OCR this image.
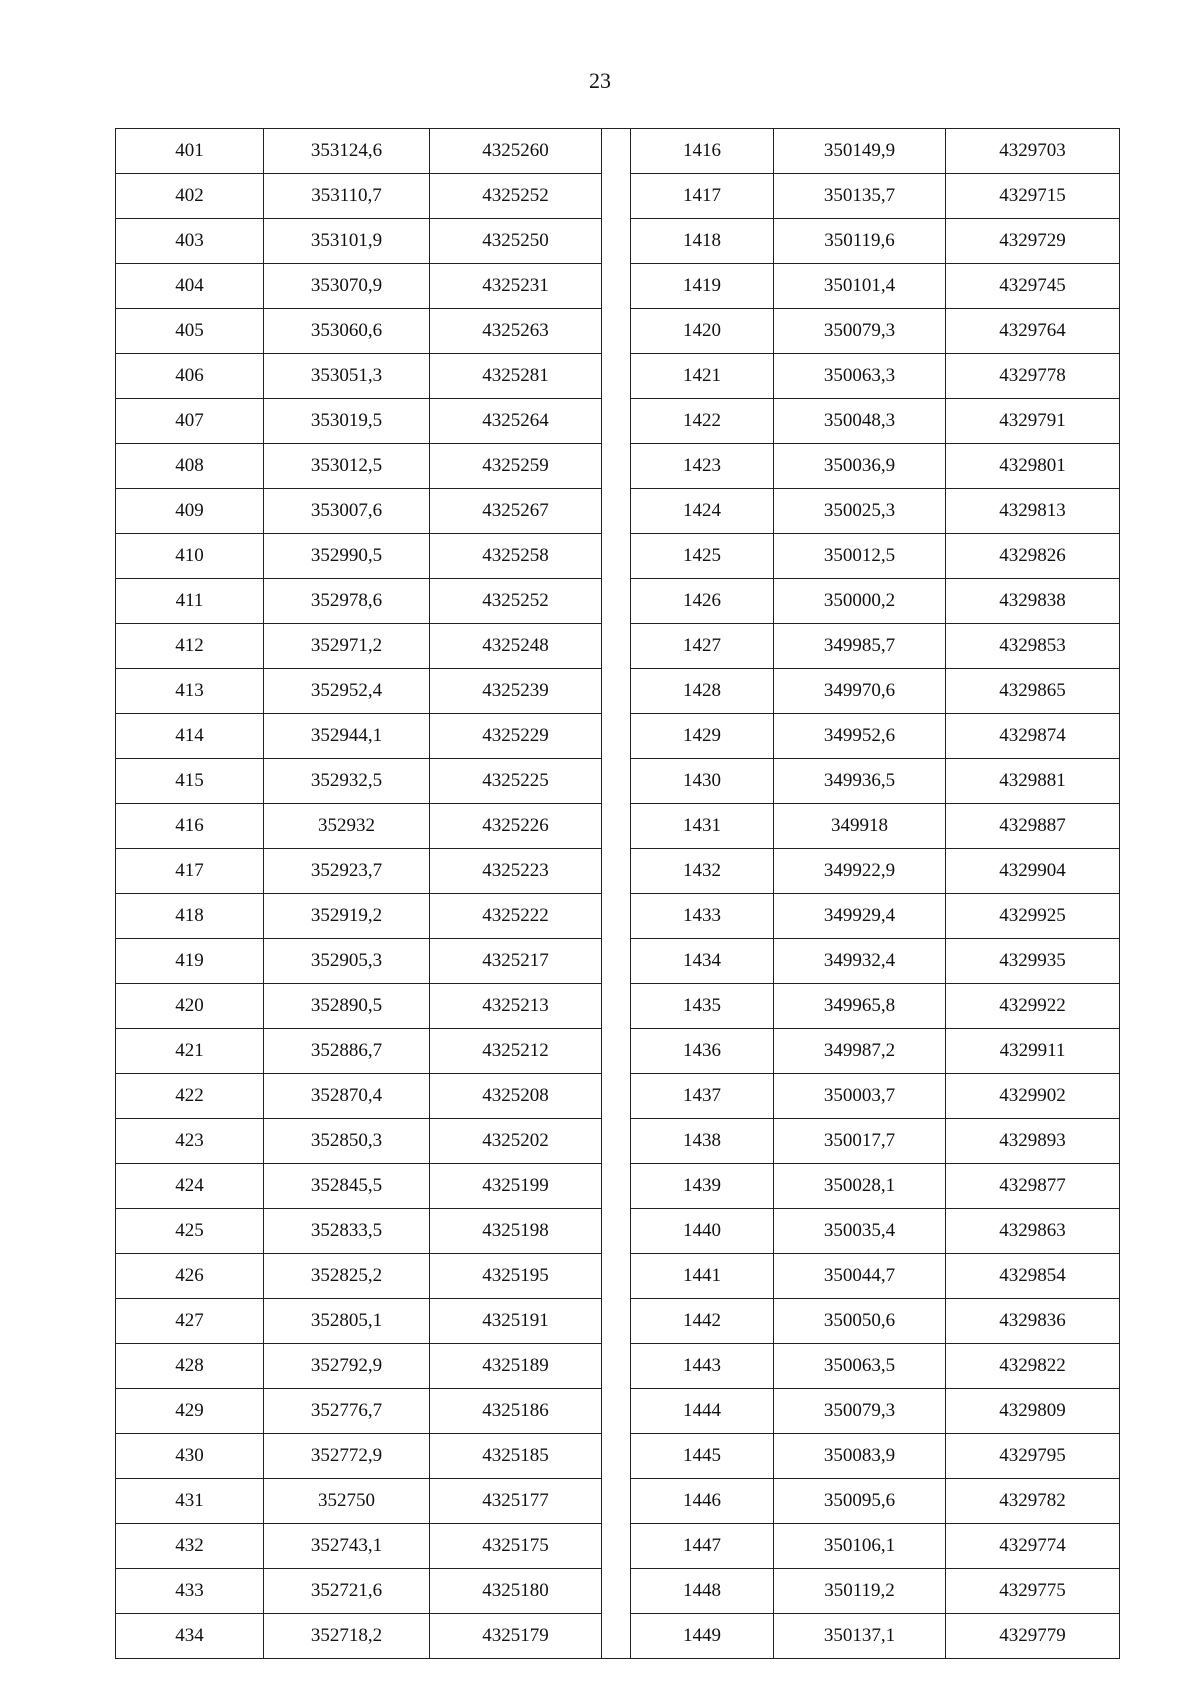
23
401	353124,6	4325260		1416	350149,9	4329703
402	353110,7	4325252		1417	350135,7	4329715
403	353101,9	4325250		1418	350119,6	4329729
404	353070,9	4325231		1419	350101,4	4329745
405	353060,6	4325263		1420	350079,3	4329764
406	353051,3	4325281		1421	350063,3	4329778
407	353019,5	4325264		1422	350048,3	4329791
408	353012,5	4325259		1423	350036,9	4329801
409	353007,6	4325267		1424	350025,3	4329813
410	352990,5	4325258		1425	350012,5	4329826
411	352978,6	4325252		1426	350000,2	4329838
412	352971,2	4325248		1427	349985,7	4329853
413	352952,4	4325239		1428	349970,6	4329865
414	352944,1	4325229		1429	349952,6	4329874
415	352932,5	4325225		1430	349936,5	4329881
416	352932	4325226		1431	349918	4329887
417	352923,7	4325223		1432	349922,9	4329904
418	352919,2	4325222		1433	349929,4	4329925
419	352905,3	4325217		1434	349932,4	4329935
420	352890,5	4325213		1435	349965,8	4329922
421	352886,7	4325212		1436	349987,2	4329911
422	352870,4	4325208		1437	350003,7	4329902
423	352850,3	4325202		1438	350017,7	4329893
424	352845,5	4325199		1439	350028,1	4329877
425	352833,5	4325198		1440	350035,4	4329863
426	352825,2	4325195		1441	350044,7	4329854
427	352805,1	4325191		1442	350050,6	4329836
428	352792,9	4325189		1443	350063,5	4329822
429	352776,7	4325186		1444	350079,3	4329809
430	352772,9	4325185		1445	350083,9	4329795
431	352750	4325177		1446	350095,6	4329782
432	352743,1	4325175		1447	350106,1	4329774
433	352721,6	4325180		1448	350119,2	4329775
434	352718,2	4325179		1449	350137,1	4329779
